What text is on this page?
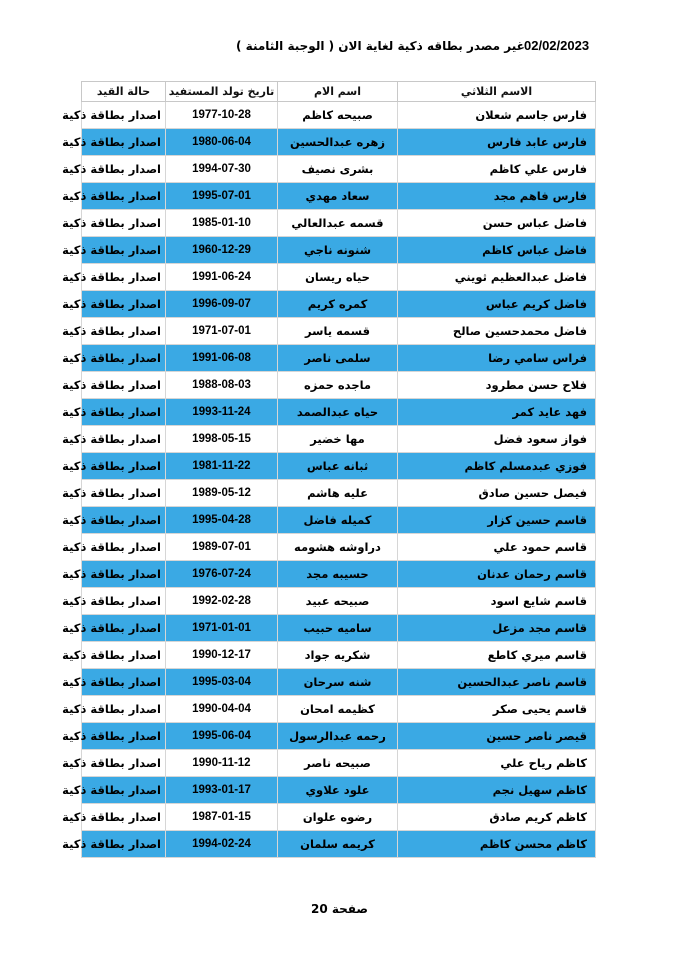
02/02/2023
غير مصدر بطاقه ذكية لغاية الان ( الوجبة الثامنة )
الاسم الثلاثي	اسم الام	تاريخ تولد المستفيد	حالة القيد
فارس جاسم شعلان	صبيحه كاظم	1977-10-28	اصدار بطاقة ذكية
فارس عابد فارس	زهره عبدالحسين	1980-06-04	اصدار بطاقة ذكية
فارس علي كاظم	بشرى نصيف	1994-07-30	اصدار بطاقة ذكية
فارس فاهم مجد	سعاد مهدي	1995-07-01	اصدار بطاقة ذكية
فاضل عباس حسن	قسمه عبدالعالي	1985-01-10	اصدار بطاقة ذكية
فاضل عباس كاظم	شنونه ناجي	1960-12-29	اصدار بطاقة ذكية
فاضل عبدالعظيم ثويني	حياه ريسان	1991-06-24	اصدار بطاقة ذكية
فاضل كريم عباس	كمره كريم	1996-09-07	اصدار بطاقة ذكية
فاضل محمدحسين صالح	قسمه ياسر	1971-07-01	اصدار بطاقة ذكية
فراس سامي رضا	سلمى ناصر	1991-06-08	اصدار بطاقة ذكية
فلاح حسن مطرود	ماجده حمزه	1988-08-03	اصدار بطاقة ذكية
فهد عايد كمر	حياه عبدالصمد	1993-11-24	اصدار بطاقة ذكية
فواز سعود فضل	مها خضير	1998-05-15	اصدار بطاقة ذكية
فوزي عبدمسلم كاظم	ثبانه عباس	1981-11-22	اصدار بطاقة ذكية
فيصل حسين صادق	عليه هاشم	1989-05-12	اصدار بطاقة ذكية
قاسم حسين كزار	كميله فاضل	1995-04-28	اصدار بطاقة ذكية
قاسم حمود علي	دراوشه هشومه	1989-07-01	اصدار بطاقة ذكية
قاسم رحمان عدنان	حسيبه مجد	1976-07-24	اصدار بطاقة ذكية
قاسم شايع اسود	صبيحه عبيد	1992-02-28	اصدار بطاقة ذكية
قاسم مجد مزعل	ساميه حبيب	1971-01-01	اصدار بطاقة ذكية
قاسم ميري كاطع	شكريه جواد	1990-12-17	اصدار بطاقة ذكية
قاسم ناصر عبدالحسين	شنه سرحان	1995-03-04	اصدار بطاقة ذكية
قاسم يحيى صكر	كظيمه امحان	1990-04-04	اصدار بطاقة ذكية
قيصر ناصر حسين	رحمه عبدالرسول	1995-06-04	اصدار بطاقة ذكية
كاظم رياح علي	صبيحه ناصر	1990-11-12	اصدار بطاقة ذكية
كاظم سهيل نجم	علود علاوي	1993-01-17	اصدار بطاقة ذكية
كاظم كريم صادق	رضوه علوان	1987-01-15	اصدار بطاقة ذكية
كاظم محسن كاظم	كريمه سلمان	1994-02-24	اصدار بطاقة ذكية
صفحة 20
